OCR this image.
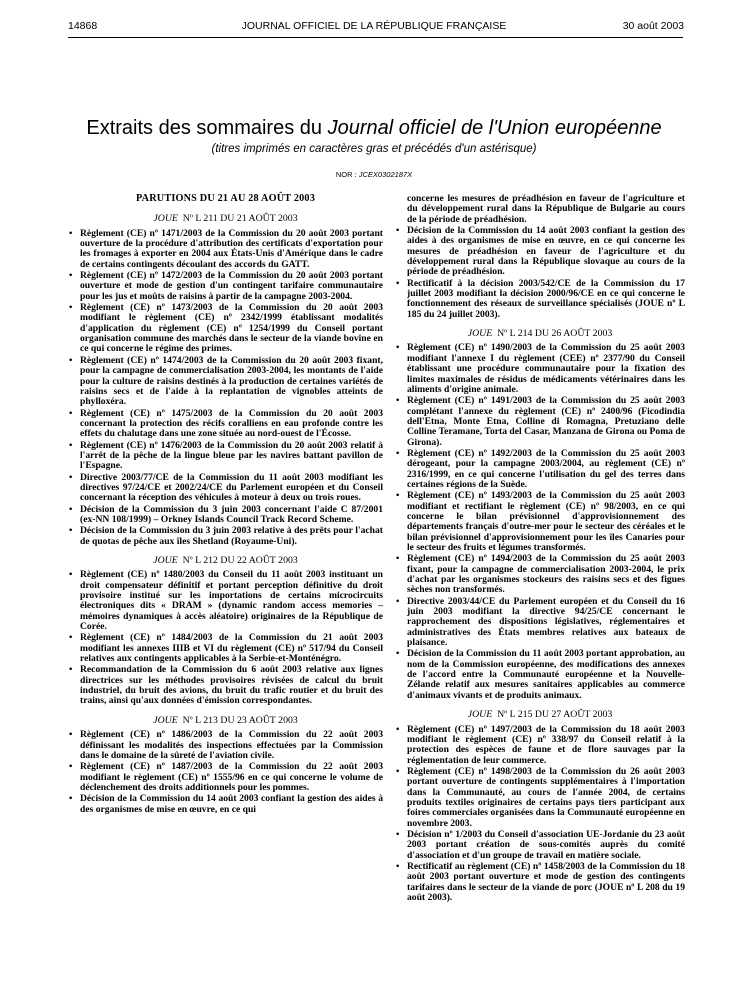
14868	JOURNAL OFFICIEL DE LA RÉPUBLIQUE FRANÇAISE	30 août 2003
Extraits des sommaires du Journal officiel de l'Union européenne
(titres imprimés en caractères gras et précédés d'un astérisque)
NOR : JCEX0302187X
PARUTIONS DU 21 AU 28 AOÛT 2003
JOUE Nº L 211 DU 21 AOÛT 2003
• Règlement (CE) nº 1471/2003 de la Commission du 20 août 2003 portant ouverture de la procédure d'attribution des certificats d'exportation pour les fromages à exporter en 2004 aux États-Unis d'Amérique dans le cadre de certains contingents découlant des accords du GATT.
• Règlement (CE) nº 1472/2003 de la Commission du 20 août 2003 portant ouverture et mode de gestion d'un contingent tarifaire communautaire pour les jus et moûts de raisins à partir de la campagne 2003-2004.
• Règlement (CE) nº 1473/2003 de la Commission du 20 août 2003 modifiant le règlement (CE) nº 2342/1999 établissant modalités d'application du règlement (CE) nº 1254/1999 du Conseil portant organisation commune des marchés dans le secteur de la viande bovine en ce qui concerne le régime des primes.
• Règlement (CE) nº 1474/2003 de la Commission du 20 août 2003 fixant, pour la campagne de commercialisation 2003-2004, les montants de l'aide pour la culture de raisins destinés à la production de certaines variétés de raisins secs et de l'aide à la replantation de vignobles atteints de phylloxéra.
• Règlement (CE) nº 1475/2003 de la Commission du 20 août 2003 concernant la protection des récifs coralliens en eau profonde contre les effets du chalutage dans une zone située au nord-ouest de l'Écosse.
• Règlement (CE) nº 1476/2003 de la Commission du 20 août 2003 relatif à l'arrêt de la pêche de la lingue bleue par les navires battant pavillon de l'Espagne.
• Directive 2003/77/CE de la Commission du 11 août 2003 modifiant les directives 97/24/CE et 2002/24/CE du Parlement européen et du Conseil concernant la réception des véhicules à moteur à deux ou trois roues.
• Décision de la Commission du 3 juin 2003 concernant l'aide C 87/2001 (ex-NN 108/1999) – Orkney Islands Council Track Record Scheme.
• Décision de la Commission du 3 juin 2003 relative à des prêts pour l'achat de quotas de pêche aux îles Shetland (Royaume-Uni).
JOUE Nº L 212 DU 22 AOÛT 2003
• Règlement (CE) nº 1480/2003 du Conseil du 11 août 2003 instituant un droit compensateur définitif et portant perception définitive du droit provisoire institué sur les importations de certains microcircuits électroniques dits « DRAM » (dynamic random access memories – mémoires dynamiques à accès aléatoire) originaires de la République de Corée.
• Règlement (CE) nº 1484/2003 de la Commission du 21 août 2003 modifiant les annexes IIIB et VI du règlement (CE) nº 517/94 du Conseil relatives aux contingents applicables à la Serbie-et-Monténégro.
• Recommandation de la Commission du 6 août 2003 relative aux lignes directrices sur les méthodes provisoires révisées de calcul du bruit industriel, du bruit des avions, du bruit du trafic routier et du bruit des trains, ainsi qu'aux données d'émission correspondantes.
JOUE Nº L 213 DU 23 AOÛT 2003
• Règlement (CE) nº 1486/2003 de la Commission du 22 août 2003 définissant les modalités des inspections effectuées par la Commission dans le domaine de la sûreté de l'aviation civile.
• Règlement (CE) nº 1487/2003 de la Commission du 22 août 2003 modifiant le règlement (CE) nº 1555/96 en ce qui concerne le volume de déclenchement des droits additionnels pour les pommes.
• Décision de la Commission du 14 août 2003 confiant la gestion des aides à des organismes de mise en œuvre, en ce qui
concerne les mesures de préadhésion en faveur de l'agriculture et du développement rural dans la République de Bulgarie au cours de la période de préadhésion.
• Décision de la Commission du 14 août 2003 confiant la gestion des aides à des organismes de mise en œuvre, en ce qui concerne les mesures de préadhésion en faveur de l'agriculture et du développement rural dans la République slovaque au cours de la période de préadhésion.
• Rectificatif à la décision 2003/542/CE de la Commission du 17 juillet 2003 modifiant la décision 2000/96/CE en ce qui concerne le fonctionnement des réseaux de surveillance spécialisés (JOUE nº L 185 du 24 juillet 2003).
JOUE Nº L 214 DU 26 AOÛT 2003
• Règlement (CE) nº 1490/2003 de la Commission du 25 août 2003 modifiant l'annexe I du règlement (CEE) nº 2377/90 du Conseil établissant une procédure communautaire pour la fixation des limites maximales de résidus de médicaments vétérinaires dans les aliments d'origine animale.
• Règlement (CE) nº 1491/2003 de la Commission du 25 août 2003 complétant l'annexe du règlement (CE) nº 2400/96 (Ficodindia dell'Etna, Monte Etna, Colline di Romagna, Pretuziano delle Colline Teramane, Torta del Casar, Manzana de Girona ou Poma de Girona).
• Règlement (CE) nº 1492/2003 de la Commission du 25 août 2003 dérogeant, pour la campagne 2003/2004, au règlement (CE) nº 2316/1999, en ce qui concerne l'utilisation du gel des terres dans certaines régions de la Suède.
• Règlement (CE) nº 1493/2003 de la Commission du 25 août 2003 modifiant et rectifiant le règlement (CE) nº 98/2003, en ce qui concerne le bilan prévisionnel d'approvisionnement des départements français d'outre-mer pour le secteur des céréales et le bilan prévisionnel d'approvisionnement pour les îles Canaries pour le secteur des fruits et légumes transformés.
• Règlement (CE) nº 1494/2003 de la Commission du 25 août 2003 fixant, pour la campagne de commercialisation 2003-2004, le prix d'achat par les organismes stockeurs des raisins secs et des figues sèches non transformés.
• Directive 2003/44/CE du Parlement européen et du Conseil du 16 juin 2003 modifiant la directive 94/25/CE concernant le rapprochement des dispositions législatives, réglementaires et administratives des États membres relatives aux bateaux de plaisance.
• Décision de la Commission du 11 août 2003 portant approbation, au nom de la Commission européenne, des modifications des annexes de l'accord entre la Communauté européenne et la Nouvelle-Zélande relatif aux mesures sanitaires applicables au commerce d'animaux vivants et de produits animaux.
JOUE Nº L 215 DU 27 AOÛT 2003
• Règlement (CE) nº 1497/2003 de la Commission du 18 août 2003 modifiant le règlement (CE) nº 338/97 du Conseil relatif à la protection des espèces de faune et de flore sauvages par la réglementation de leur commerce.
• Règlement (CE) nº 1498/2003 de la Commission du 26 août 2003 portant ouverture de contingents supplémentaires à l'importation dans la Communauté, au cours de l'année 2004, de certains produits textiles originaires de certains pays tiers participant aux foires commerciales organisées dans la Communauté européenne en novembre 2003.
• Décision nº 1/2003 du Conseil d'association UE-Jordanie du 23 août 2003 portant création de sous-comités auprès du comité d'association et d'un groupe de travail en matière sociale.
• Rectificatif au règlement (CE) nº 1458/2003 de la Commission du 18 août 2003 portant ouverture et mode de gestion des contingents tarifaires dans le secteur de la viande de porc (JOUE nº L 208 du 19 août 2003).
